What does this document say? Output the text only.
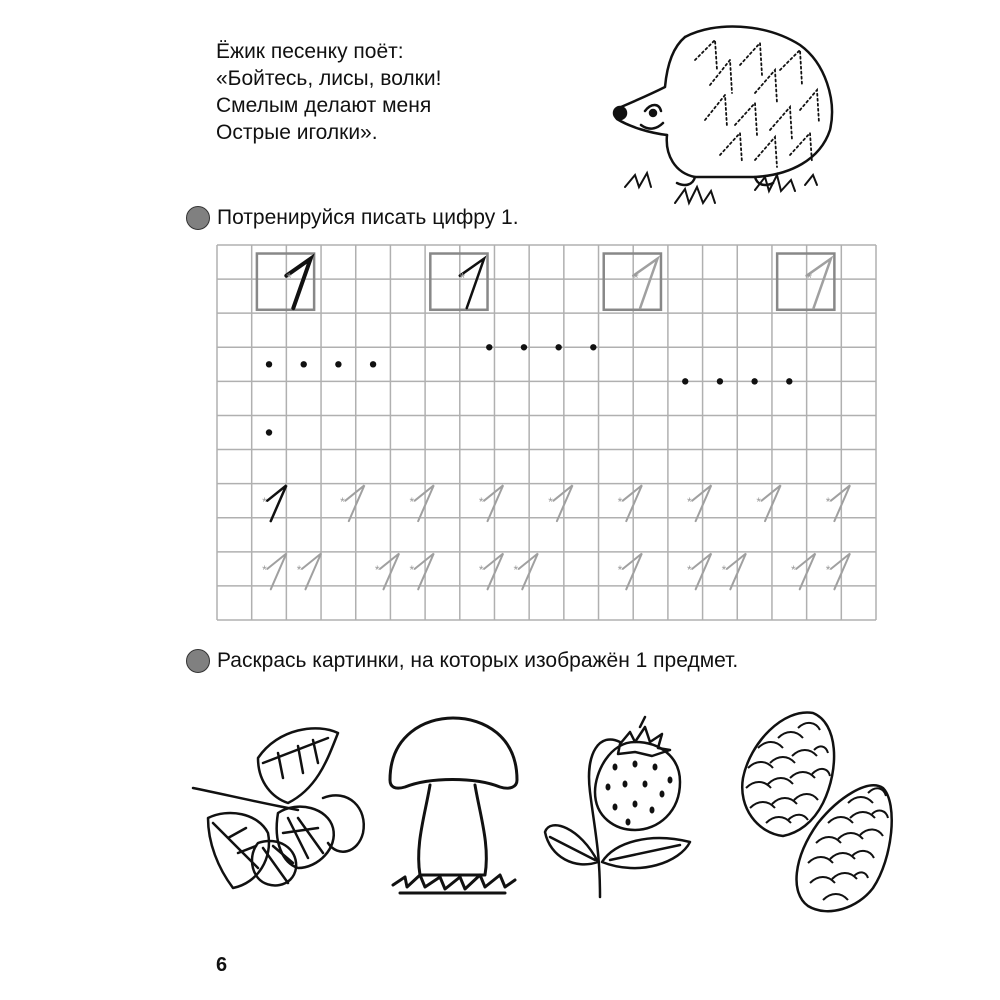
Ёжик песенку поёт:
«Бойтесь, лисы, волки!
Смелым делают меня
Острые иголки».
Потренируйся писать цифру 1.
*	*	*	*
*	*	*	*	*	*	*	*	*
*	*	*	*	*	*	*	*	*	*	*
Раскрась картинки, на которых изображён 1 предмет.
6
